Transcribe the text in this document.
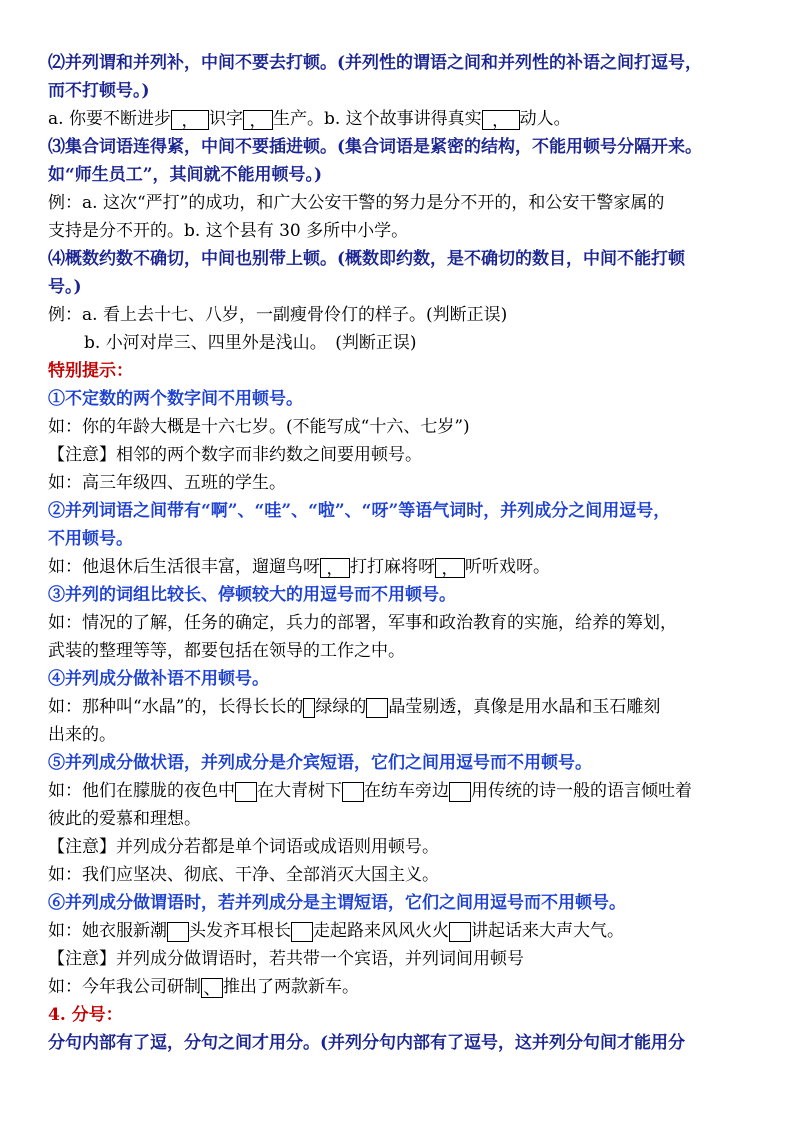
⑵并列谓和并列补，中间不要去打顿。(并列性的谓语之间和并列性的补语之间打逗号，
而不打顿号。)
a. 你要不断进步 ， 识字 ， 生产。b. 这个故事讲得真实 ， 动人。
⑶集合词语连得紧，中间不要插进顿。(集合词语是紧密的结构，不能用顿号分隔开来。
如“师生员工”，其间就不能用顿号。)
例：a. 这次“严打”的成功，和广大公安干警的努力是分不开的，和公安干警家属的
支持是分不开的。b. 这个县有 30 多所中小学。
⑷概数约数不确切，中间也别带上顿。(概数即约数，是不确切的数目，中间不能打顿
号。)
例：a. 看上去十七、八岁，一副瘦骨伶仃的样子。(判断正误)
b. 小河对岸三、四里外是浅山。　(判断正误)
特别提示：
①不定数的两个数字间不用顿号。
如：你的年龄大概是十六七岁。(不能写成“十六、七岁”)
【注意】相邻的两个数字而非约数之间要用顿号。
如：高三年级四、五班的学生。
②并列词语之间带有“啊”、“哇”、“啦”、“呀”等语气词时，并列成分之间用逗号，
不用顿号。
如：他退休后生活很丰富，遛遛鸟呀 ， 打打麻将呀 ， 听听戏呀。
③并列的词组比较长、停顿较大的用逗号而不用顿号。
如：情况的了解，任务的确定，兵力的部署，军事和政治教育的实施，给养的筹划，
武装的整理等等，都要包括在领导的工作之中。
④并列成分做补语不用顿号。
如：那种叫“水晶”的，长得长长的 绿绿的 晶莹剔透，真像是用水晶和玉石雕刻
出来的。
⑤并列成分做状语，并列成分是介宾短语，它们之间用逗号而不用顿号。
如：他们在朦胧的夜色中 在大青树下 在纺车旁边 用传统的诗一般的语言倾吐着
彼此的爱慕和理想。
【注意】并列成分若都是单个词语或成语则用顿号。
如：我们应坚决、彻底、干净、全部消灭大国主义。
⑥并列成分做谓语时，若并列成分是主谓短语，它们之间用逗号而不用顿号。
如：她衣服新潮 头发齐耳根长 走起路来风风火火 讲起话来大声大气。
【注意】并列成分做谓语时，若共带一个宾语，并列词间用顿号
如：今年我公司研制 、 推出了两款新车。
4. 分号：
分句内部有了逗，分句之间才用分。(并列分句内部有了逗号，这并列分句间才能用分
